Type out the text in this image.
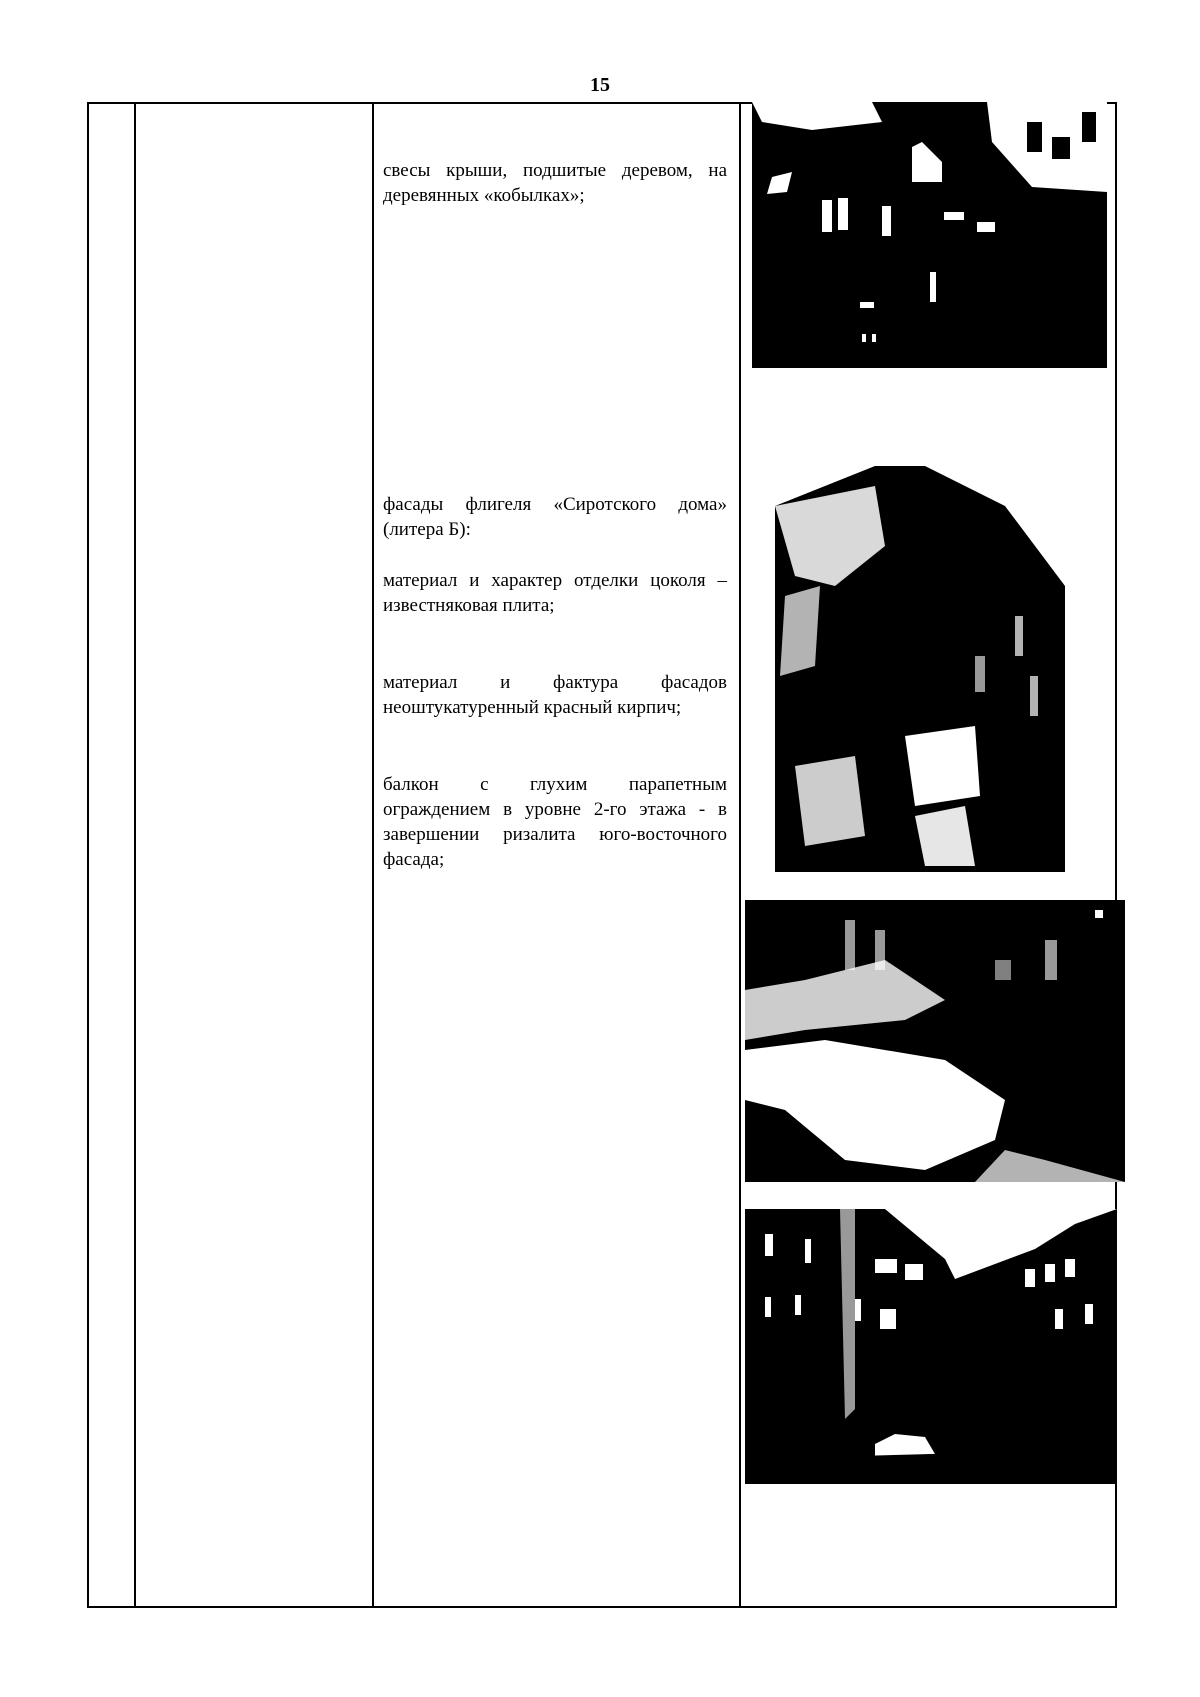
15

свесы крыши, подшитые деревом, на деревянных «кобылках»;

фасады флигеля «Сиротского дома» (литера Б):

материал и характер отделки цоколя – известняковая плита;

материал и фактура фасадов неоштукатуренный красный кирпич;

балкон с глухим парапетным ограждением в уровне 2-го этажа - в завершении ризалита юго-восточного фасада;
